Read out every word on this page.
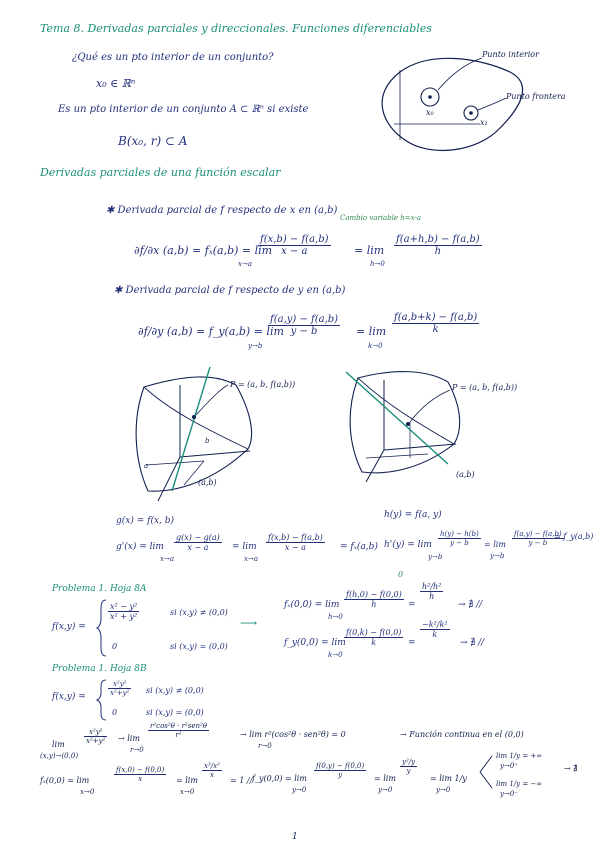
Tema 8. Derivadas parciales y direccionales. Funciones diferenciables
¿Qué es un pto interior de un conjunto?
x₀ ∈ ℝⁿ
Es un pto interior de un conjunto A ⊂ ℝⁿ si existe
B(x₀, r) ⊂ A
Punto interior
Punto frontera
x₀
x₁
Derivadas parciales de una función escalar
✱ Derivada parcial de f respecto de x en (a,b)
Cambio variable h=x-a
∂f/∂x (a,b) = fₓ(a,b) = lim
x→a
$\frac{f(x,b) - f(a,b)}{x - a} = \lim$
h→0
$\frac{f(a+h,b) - f(a,b)}{h}$
✱ Derivada parcial de f respecto de y en (a,b)
∂f/∂y (a,b) = f_y(a,b) = lim
y→b
$\frac{f(a,y) - f(a,b)}{y - b} = \lim$
k→0
$\frac{f(a,b+k) - f(a,b)}{k}$
P = (a, b, f(a,b))
(a,b)
a
b
P = (a, b, f(a,b))
(a,b)
g(x) = f(x, b)
g'(x) = lim
x→a
$\frac{g(x) - g(a)}{x - a} = \lim$
x→a
$\frac{f(x,b) - f(a,b)}{x - a} = f_x(a,b)$
h(y) = f(a, y)
h'(y) = lim
y→b
$\frac{h(y) - h(b)}{y - b} = \lim$
y→b
$\frac{f(a,y) - f(a,b)}{y - b}$
= f_y(a,b)
Problema 1. Hoja 8A
f(x,y) =
$\frac{\text{x² − y²}}{\text{x² + y²}}$	si (x,y) ≠ (0,0)
0	si (x,y) = (0,0)
⟶
0
fₓ(0,0) = lim
h→0
$\frac{f(h,0) - f(0,0)}{h}$ =
$\frac{\text{h²/h²}}{h}$
→ ∄ //
f_y(0,0) = lim
k→0
$\frac{f(0,k) - f(0,0)}{k}$ =
$\frac{\text{−k²/k²}}{k}$
→ ∄ //
Problema 1. Hoja 8B
f(x,y) =	$\frac{\text{x²y²}}{\text{x²+y²}}$ si (x,y) ≠ (0,0)
0	si (x,y) = (0,0)
lim
(x,y)→(0,0)
$\frac{\text{x²y²}}{\text{x²+y²}} \to \lim$
r→0
r²cos²θ · r²sen²θ
r²	→ lim r²(cos²θ · sen²θ) = 0
r→0
→ Función continua en el (0,0)
fₓ(0,0) = lim
x→0
$\frac{f(x,0) - f(0,0)}{x} = \lim$
x→0
$\frac{\text{x³/x²}}{x}$
= 1 // f_y(0,0) = lim
y→0
$\frac{f(0,y) - f(0,0)}{y} = \lim$
y→0
$\frac{\text{y²/y}}{y}$
= lim 1/y
y→0
lim 1/y = +∞
y→0⁺
lim 1/y = −∞
y→0⁻
→ ∄
1
